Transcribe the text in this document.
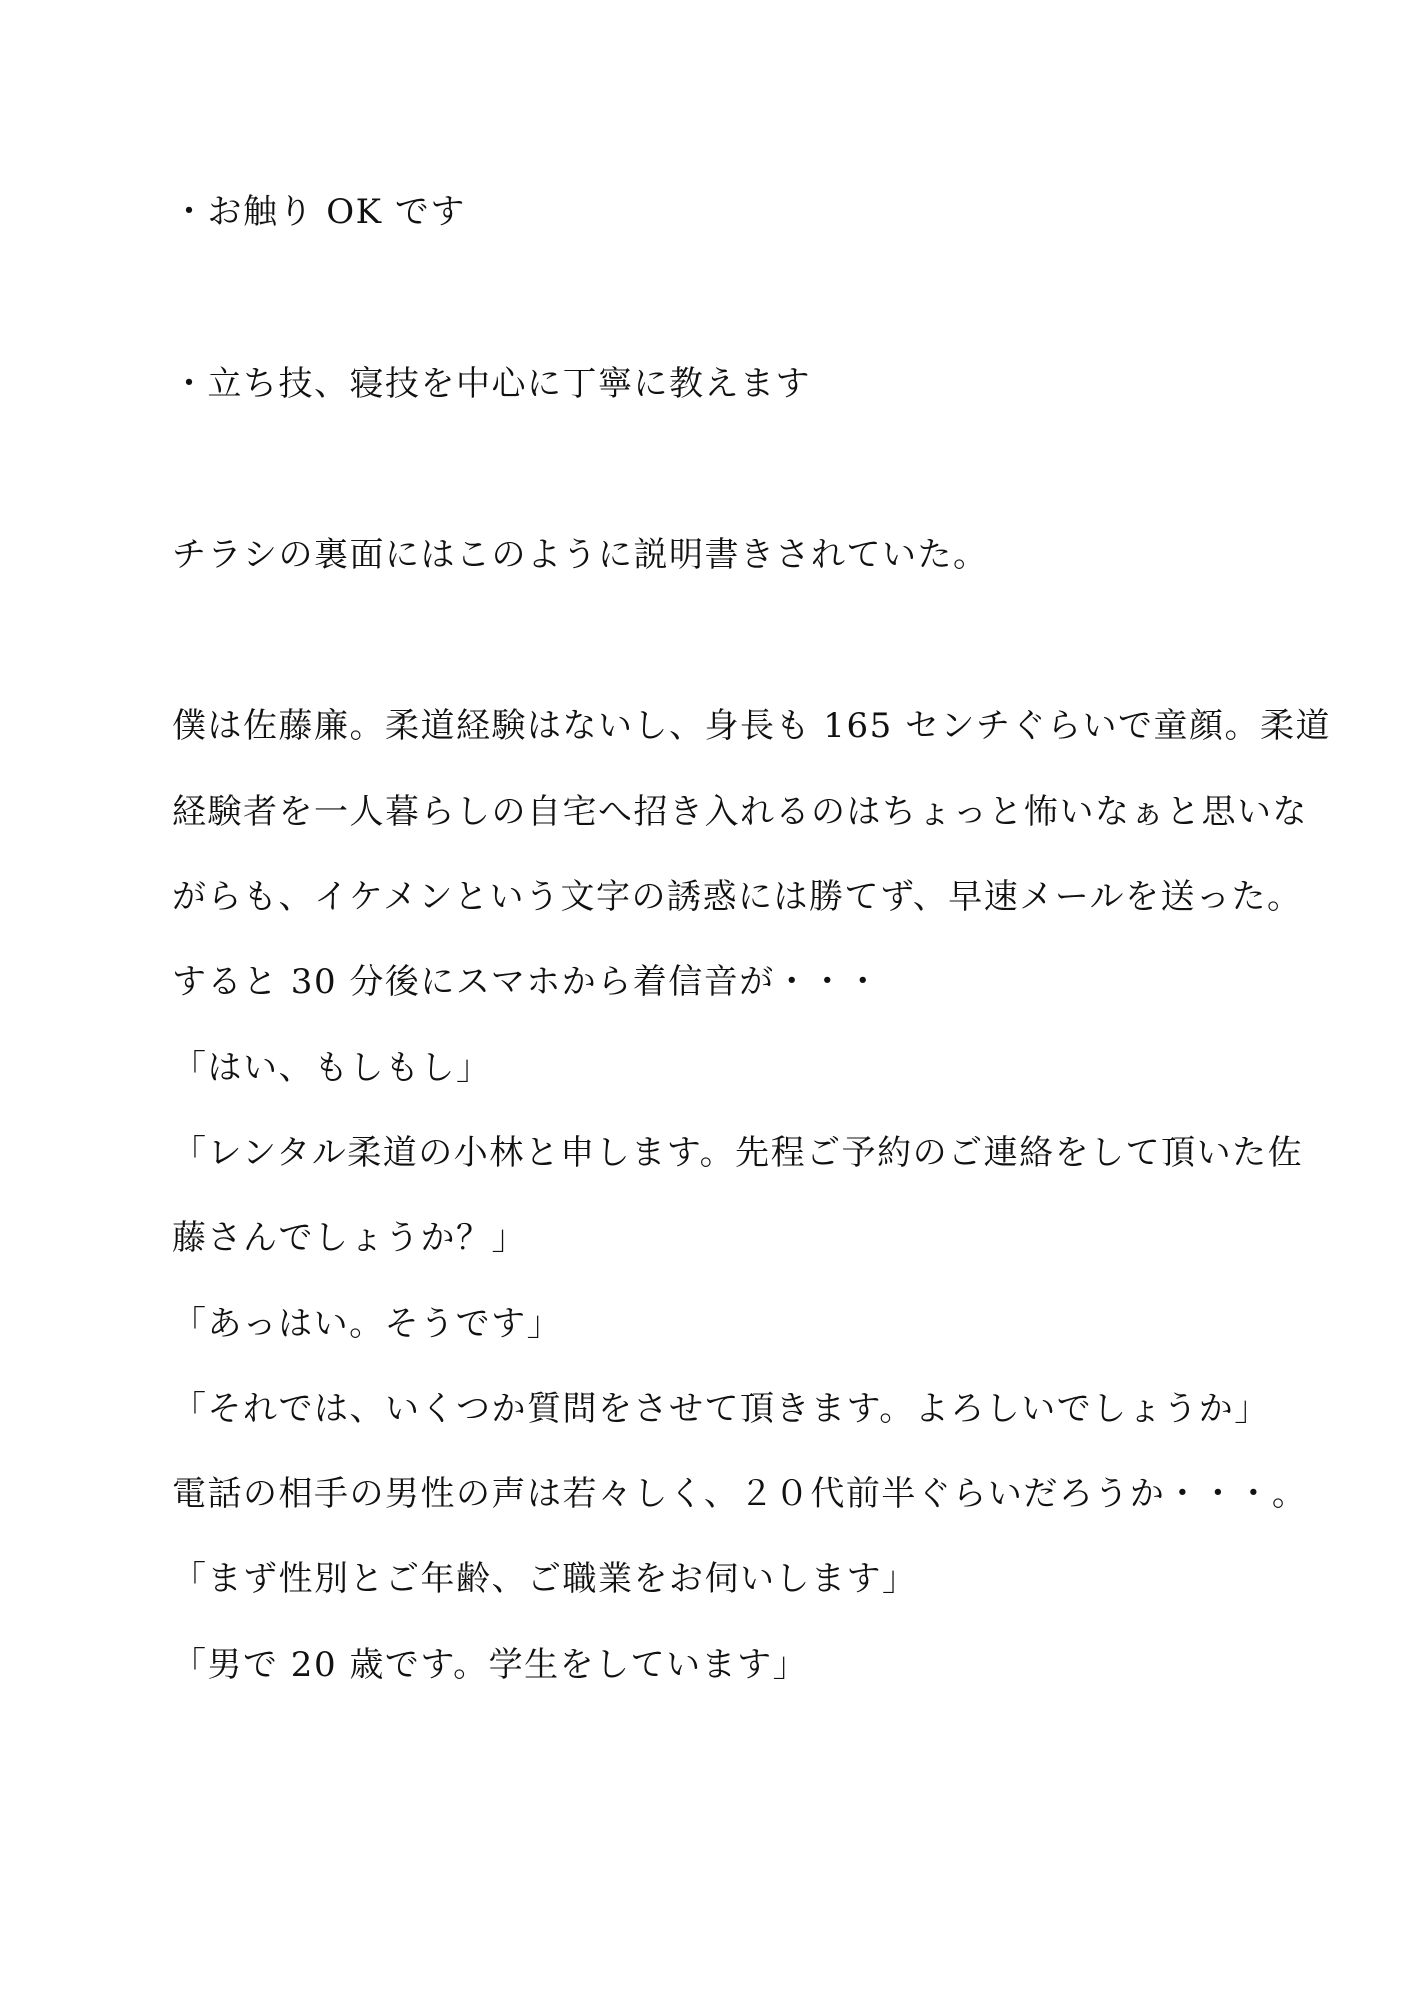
・お触り OK です
・立ち技、寝技を中心に丁寧に教えます
チラシの裏面にはこのように説明書きされていた。
僕は佐藤廉。柔道経験はないし、身長も 165 センチぐらいで童顔。柔道
経験者を一人暮らしの自宅へ招き入れるのはちょっと怖いなぁと思いな
がらも、イケメンという文字の誘惑には勝てず、早速メールを送った。
すると 30 分後にスマホから着信音が・・・
「はい、もしもし」
「レンタル柔道の小林と申します。先程ご予約のご連絡をして頂いた佐
藤さんでしょうか？」
「あっはい。そうです」
「それでは、いくつか質問をさせて頂きます。よろしいでしょうか」
電話の相手の男性の声は若々しく、２０代前半ぐらいだろうか・・・。
「まず性別とご年齢、ご職業をお伺いします」
「男で 20 歳です。学生をしています」
